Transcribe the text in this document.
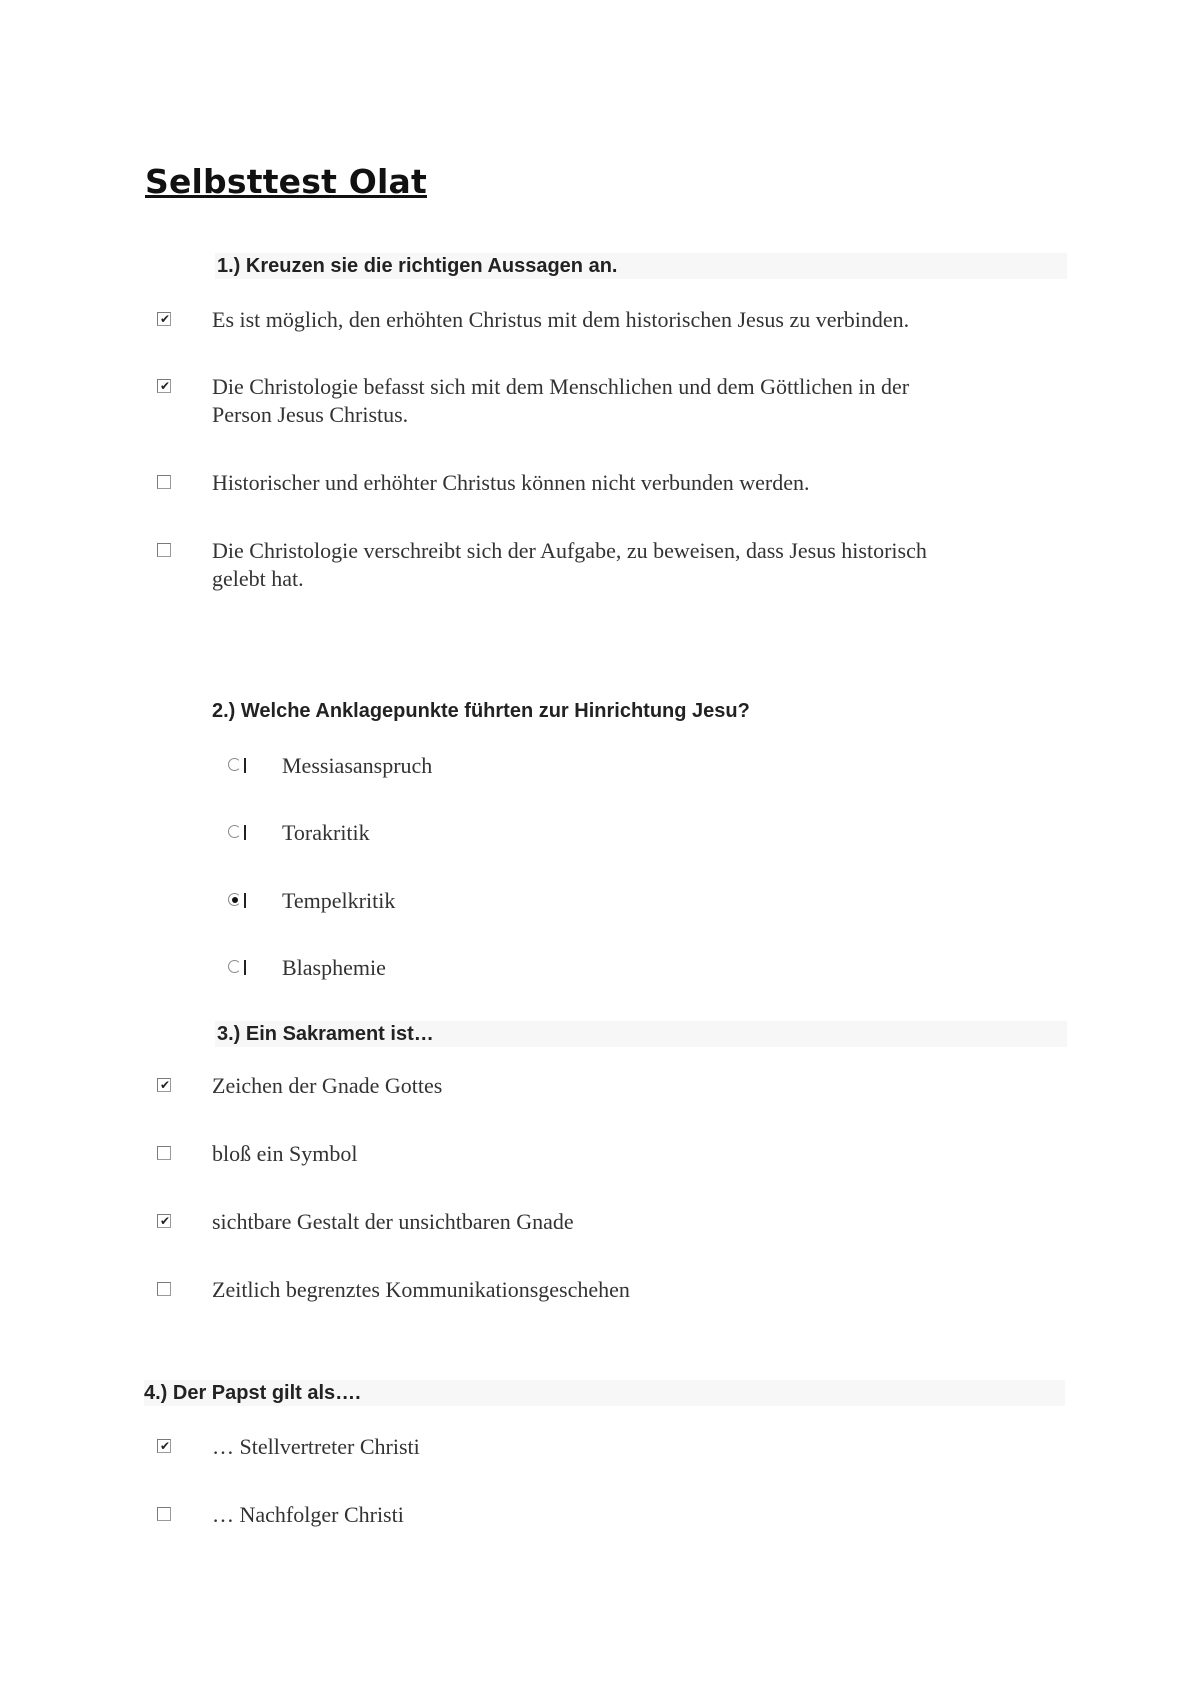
Selbsttest Olat
1.) Kreuzen sie die richtigen Aussagen an.
✔ Es ist möglich, den erhöhten Christus mit dem historischen Jesus zu verbinden.
✔ Die Christologie befasst sich mit dem Menschlichen und dem Göttlichen in der
Person Jesus Christus.
Historischer und erhöhter Christus können nicht verbunden werden.
Die Christologie verschreibt sich der Aufgabe, zu beweisen, dass Jesus historisch
gelebt hat.
2.) Welche Anklagepunkte führten zur Hinrichtung Jesu?
Messiasanspruch
Torakritik
Tempelkritik
Blasphemie
3.) Ein Sakrament ist…
✔ Zeichen der Gnade Gottes
bloß ein Symbol
✔ sichtbare Gestalt der unsichtbaren Gnade
Zeitlich begrenztes Kommunikationsgeschehen
4.) Der Papst gilt als….
✔ … Stellvertreter Christi
… Nachfolger Christi
